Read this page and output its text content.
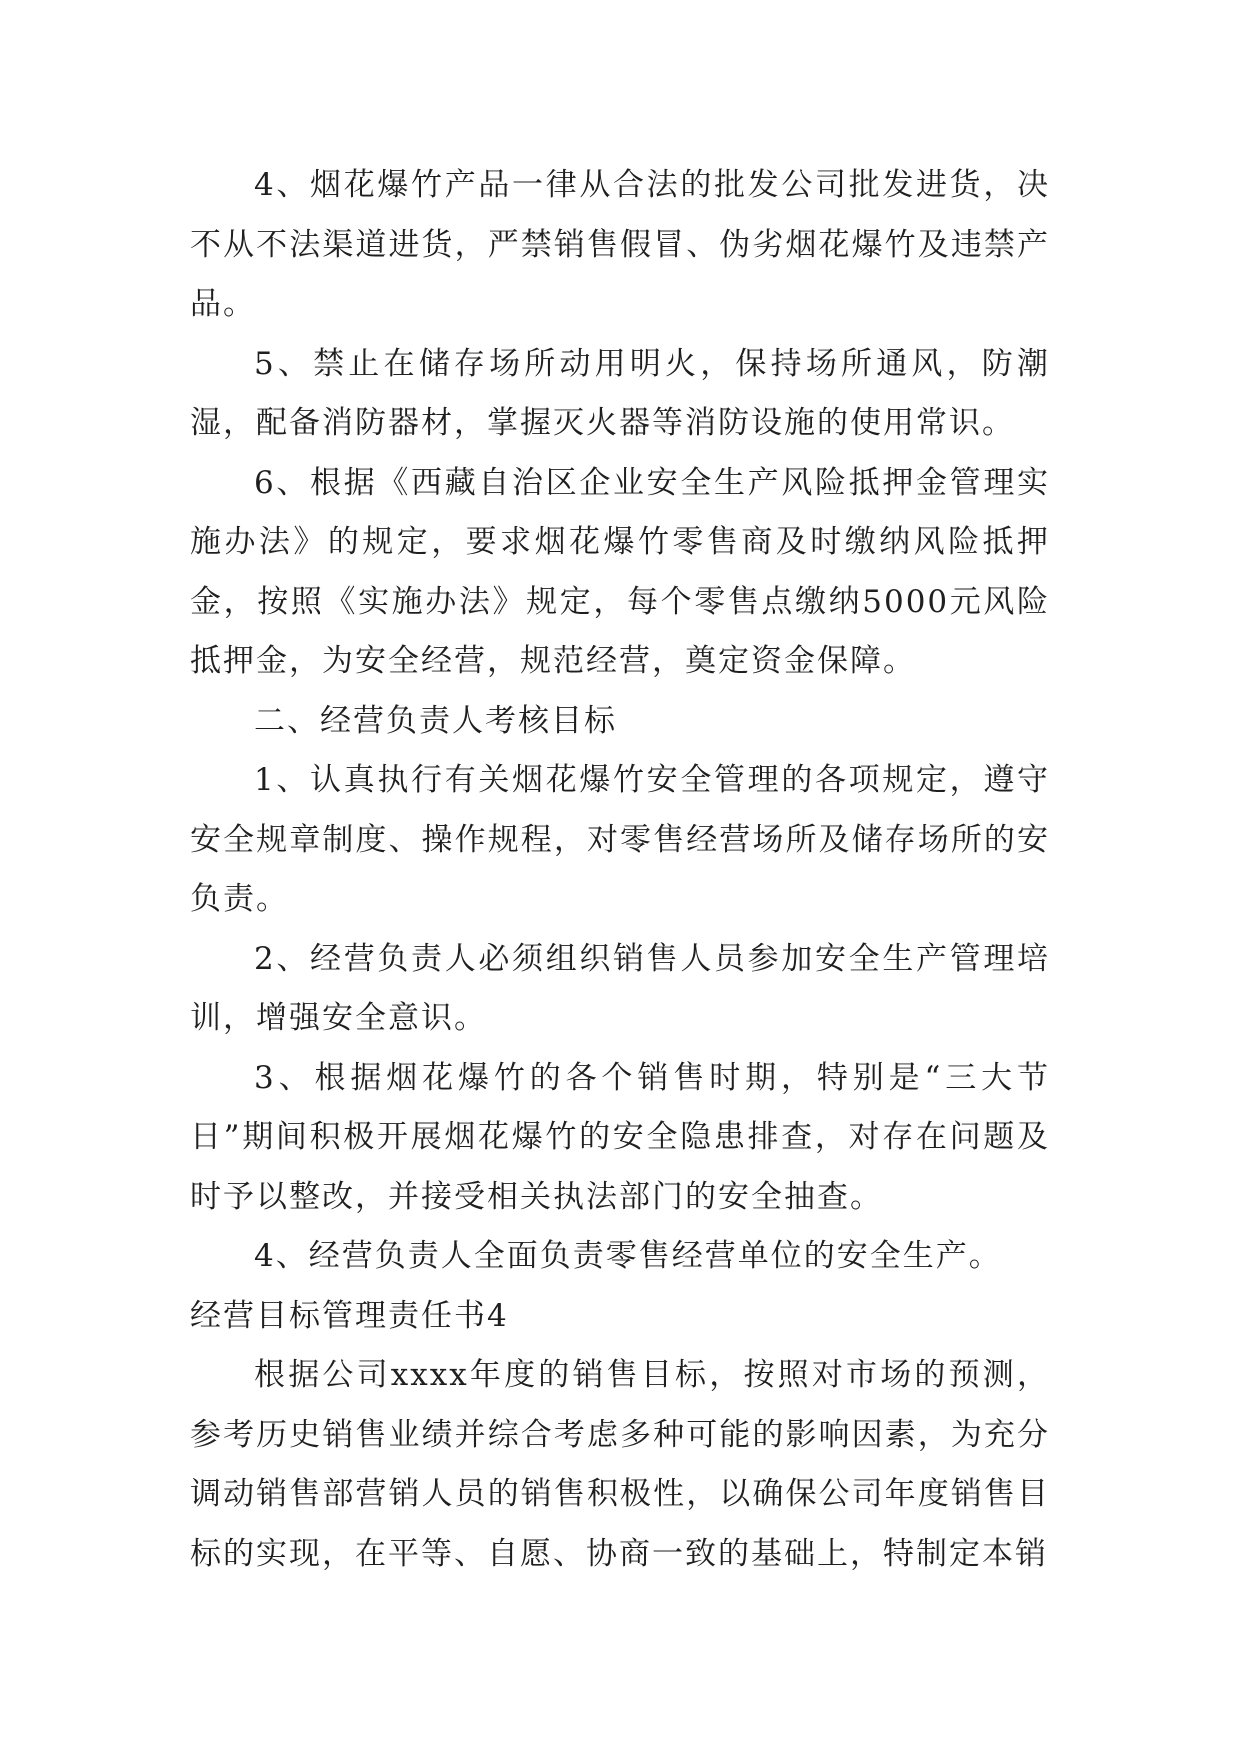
4、烟花爆竹产品一律从合法的批发公司批发进货，决不从不法渠道进货，严禁销售假冒、伪劣烟花爆竹及违禁产品。

5、禁止在储存场所动用明火，保持场所通风，防潮湿，配备消防器材，掌握灭火器等消防设施的使用常识。

6、根据《西藏自治区企业安全生产风险抵押金管理实施办法》的规定，要求烟花爆竹零售商及时缴纳风险抵押金，按照《实施办法》规定，每个零售点缴纳5000元风险抵押金，为安全经营，规范经营，奠定资金保障。

二、经营负责人考核目标

1、认真执行有关烟花爆竹安全管理的各项规定，遵守安全规章制度、操作规程，对零售经营场所及储存场所的安负责。

2、经营负责人必须组织销售人员参加安全生产管理培训，增强安全意识。

3、根据烟花爆竹的各个销售时期，特别是“三大节日”期间积极开展烟花爆竹的安全隐患排查，对存在问题及时予以整改，并接受相关执法部门的安全抽查。

4、经营负责人全面负责零售经营单位的安全生产。

经营目标管理责任书4

根据公司xxxx年度的销售目标，按照对市场的预测，参考历史销售业绩并综合考虑多种可能的影响因素，为充分调动销售部营销人员的销售积极性，以确保公司年度销售目标的实现，在平等、自愿、协商一致的基础上，特制定本销
